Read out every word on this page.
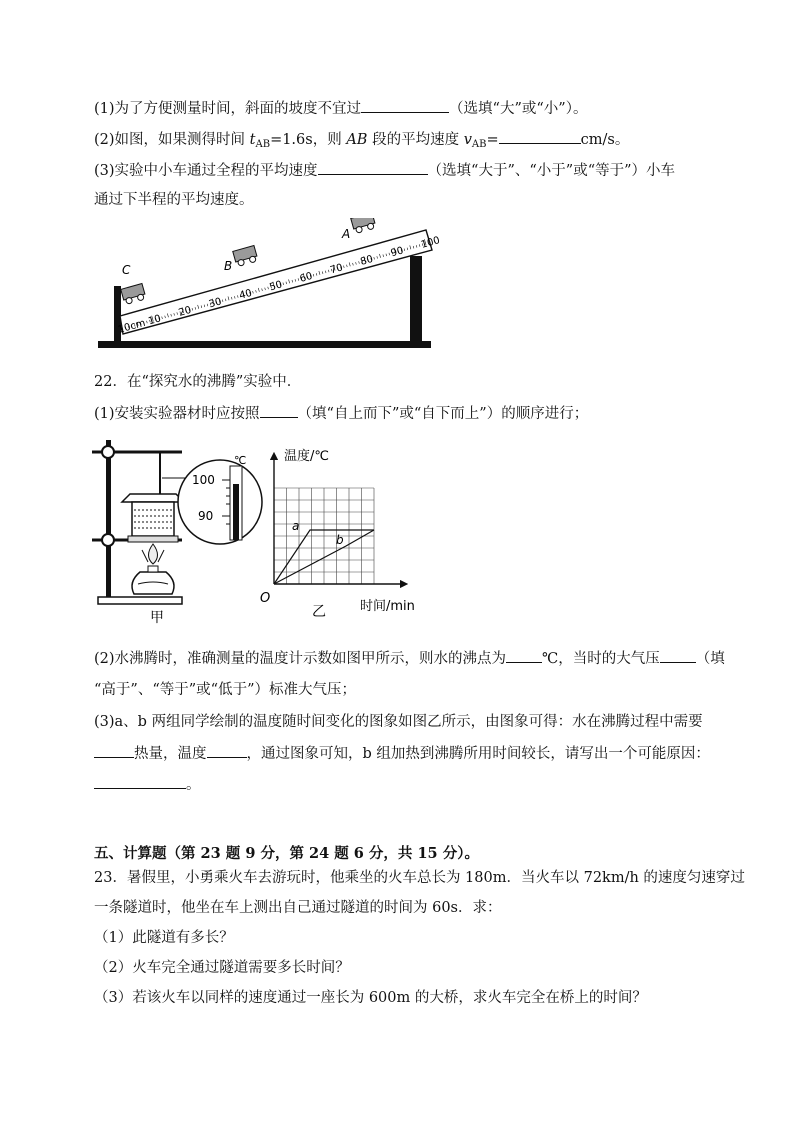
(1)为了方便测量时间，斜面的坡度不宜过	（选填“大”或“小”）。
(2)如图，如果测得时间 $t_{AB}=1.6s$，则 AB 段的平均速度 $v_{AB}=$	cm/s。
(3)实验中小车通过全程的平均速度	（选填“大于”、“小于”或“等于”）小车
通过下半程的平均速度。
10cm 10
20
30
40
50
60
70
80
90
100
A
B
C
22．在“探究水的沸腾”实验中．
(1)安装实验器材时应按照	（填“自上而下”或“自下而上”）的顺序进行；
100
90
℃
甲
温度/℃
时间/min
O
a
b
乙
(2)水沸腾时，准确测量的温度计示数如图甲所示，则水的沸点为 ℃，当时的大气压 （填
“高于”、“等于”或“低于”）标准大气压；
(3)a、b 两组同学绘制的温度随时间变化的图象如图乙所示，由图象可得：水在沸腾过程中需要
热量，温度	，通过图象可知，b 组加热到沸腾所用时间较长，请写出一个可能原因：
。
五、计算题（第 23 题 9 分，第 24 题 6 分，共 15 分）。
23．暑假里，小勇乘火车去游玩时，他乘坐的火车总长为 180m．当火车以 72km/h 的速度匀速穿过
一条隧道时，他坐在车上测出自己通过隧道的时间为 60s．求：
（1）此隧道有多长？
（2）火车完全通过隧道需要多长时间？
（3）若该火车以同样的速度通过一座长为 600m 的大桥，求火车完全在桥上的时间？
